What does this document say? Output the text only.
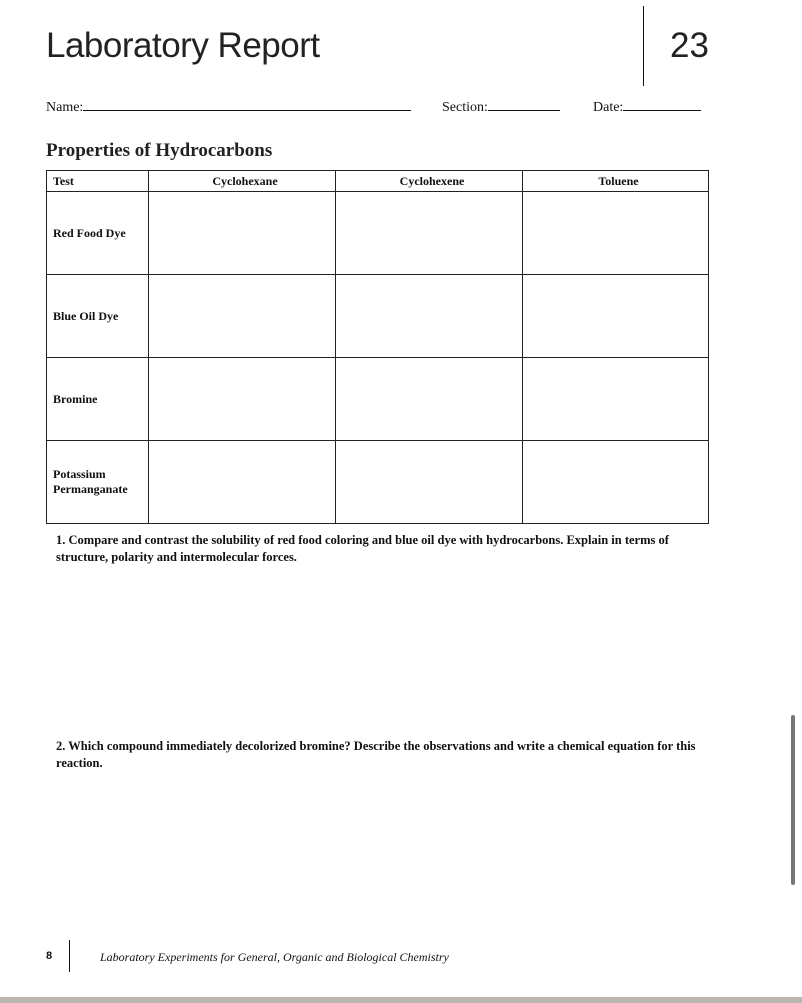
Laboratory Report	23
Name:	Section:	Date:
Properties of Hydrocarbons
Test	Cyclohexane	Cyclohexene	Toluene
Red Food Dye			
Blue Oil Dye			
Bromine			
Potassium Permanganate			
1. Compare and contrast the solubility of red food coloring and blue oil dye with hydrocarbons. Explain in terms of structure, polarity and intermolecular forces.
2. Which compound immediately decolorized bromine? Describe the observations and write a chemical equation for this reaction.
8	Laboratory Experiments for General, Organic and Biological Chemistry
